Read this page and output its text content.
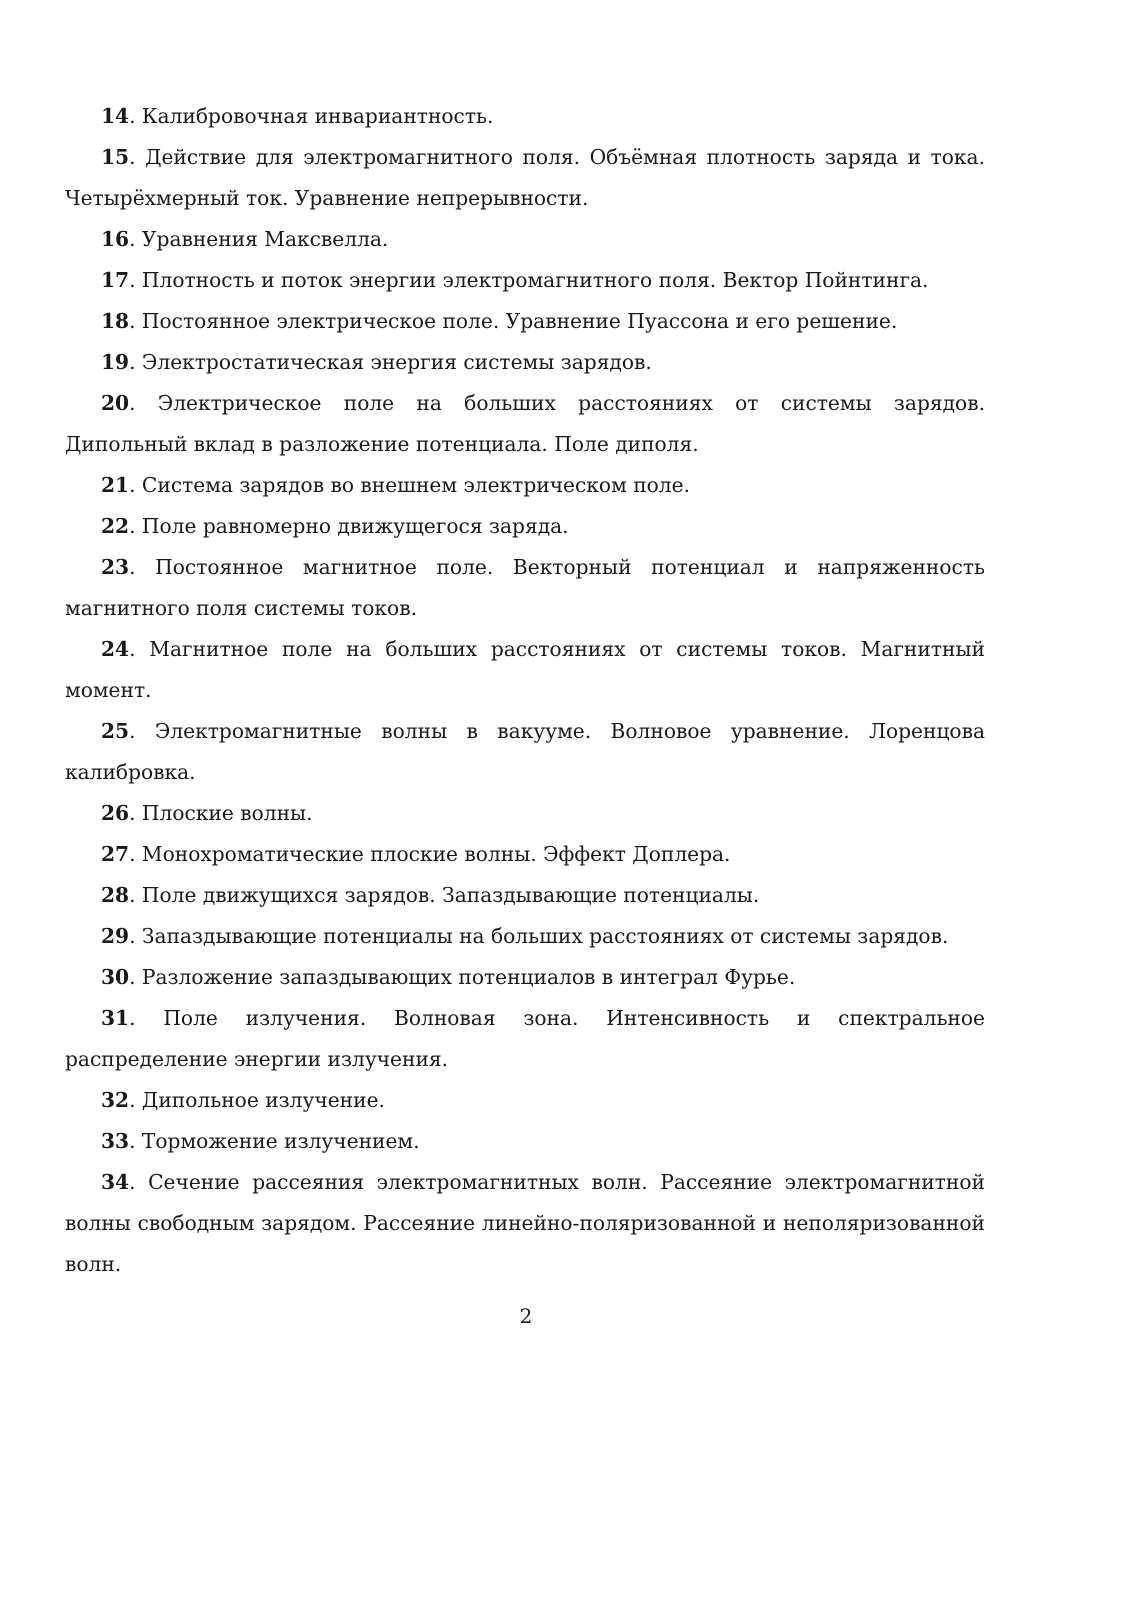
14. Калибровочная инвариантность.

15. Действие для электромагнитного поля. Объёмная плотность заряда и тока. Четырёхмерный ток. Уравнение непрерывности.

16. Уравнения Максвелла.

17. Плотность и поток энергии электромагнитного поля. Вектор Пойнтинга.

18. Постоянное электрическое поле. Уравнение Пуассона и его решение.

19. Электростатическая энергия системы зарядов.

20. Электрическое поле на больших расстояниях от системы зарядов. Дипольный вклад в разложение потенциала. Поле диполя.

21. Система зарядов во внешнем электрическом поле.

22. Поле равномерно движущегося заряда.

23. Постоянное магнитное поле. Векторный потенциал и напряженность магнитного поля системы токов.

24. Магнитное поле на больших расстояниях от системы токов. Магнитный момент.

25. Электромагнитные волны в вакууме. Волновое уравнение. Лоренцова калибровка.

26. Плоские волны.

27. Монохроматические плоские волны. Эффект Доплера.

28. Поле движущихся зарядов. Запаздывающие потенциалы.

29. Запаздывающие потенциалы на больших расстояниях от системы зарядов.

30. Разложение запаздывающих потенциалов в интеграл Фурье.

31. Поле излучения. Волновая зона. Интенсивность и спектральное распределение энергии излучения.

32. Дипольное излучение.

33. Торможение излучением.

34. Сечение рассеяния электромагнитных волн. Рассеяние электромагнитной волны свободным зарядом. Рассеяние линейно-поляризованной и неполяризованной волн.

2
